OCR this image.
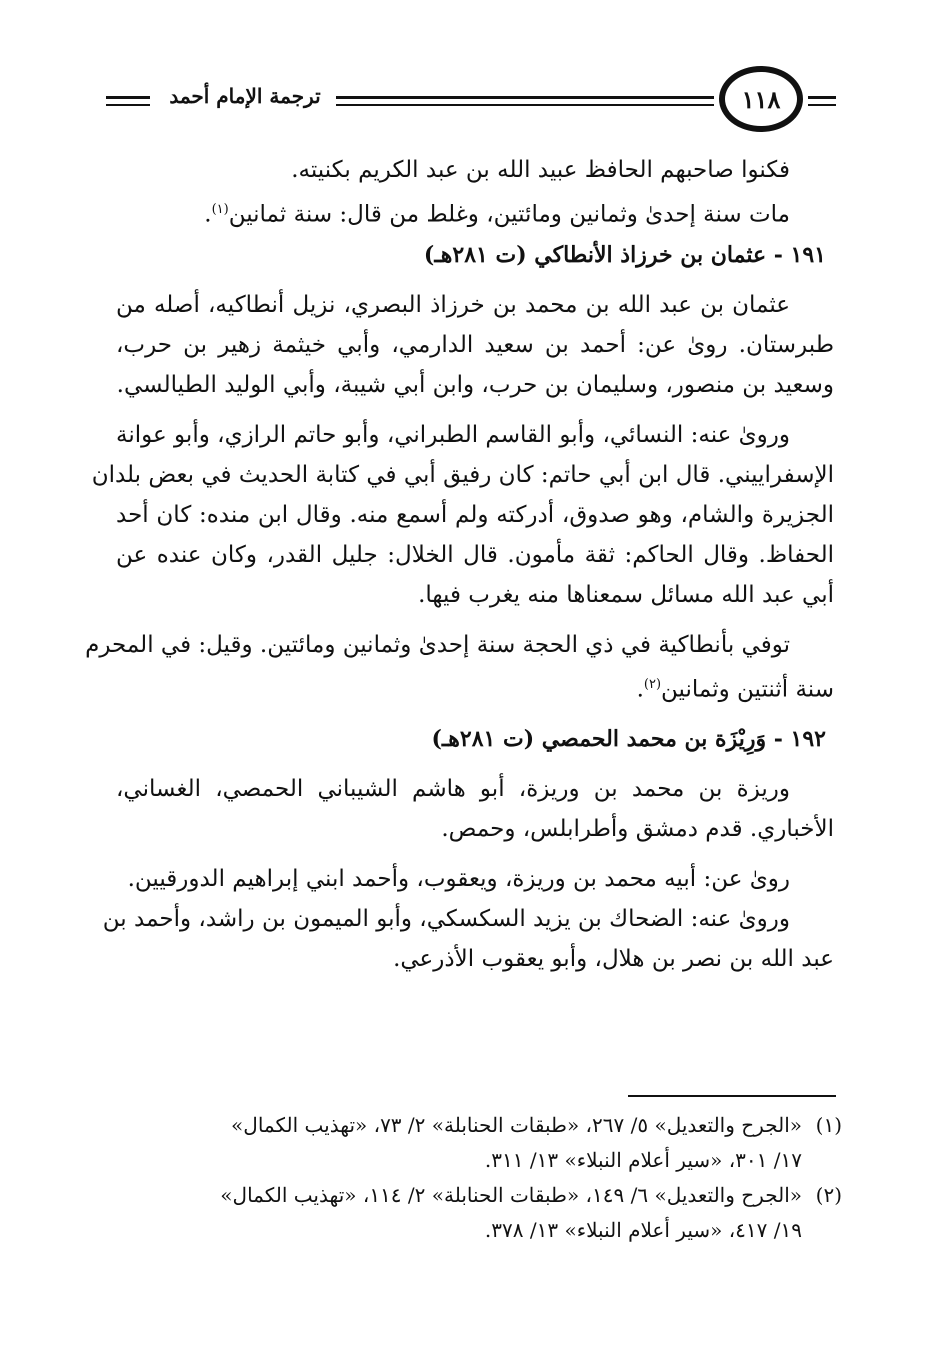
ترجمة الإمام أحمد	١١٨
فكنوا صاحبهم الحافظ عبيد الله بن عبد الكريم بكنيته.
مات سنة إحدىٰ وثمانين ومائتين، وغلط من قال: سنة ثمانين$^{(١)}$.
١٩١ - عثمان بن خرزاذ الأنطاكي (ت ٢٨١هـ)
عثمان بن عبد الله بن محمد بن خرزاذ البصري، نزيل أنطاكيه، أصله من
طبرستان. روىٰ عن: أحمد بن سعيد الدارمي، وأبي خيثمة زهير بن حرب،
وسعيد بن منصور، وسليمان بن حرب، وابن أبي شيبة، وأبي الوليد الطيالسي.
وروىٰ عنه: النسائي، وأبو القاسم الطبراني، وأبو حاتم الرازي، وأبو عوانة
الإسفراييني. قال ابن أبي حاتم: كان رفيق أبي في كتابة الحديث في بعض بلدان
الجزيرة والشام، وهو صدوق، أدركته ولم أسمع منه. وقال ابن منده: كان أحد
الحفاظ. وقال الحاكم: ثقة مأمون. قال الخلال: جليل القدر، وكان عنده عن
أبي عبد الله مسائل سمعناها منه يغرب فيها.
توفي بأنطاكية في ذي الحجة سنة إحدىٰ وثمانين ومائتين. وقيل: في المحرم
سنة أثنتين وثمانين$^{(٢)}$.
١٩٢ - وَرِيْزَة بن محمد الحمصي (ت ٢٨١هـ)
وريزة بن محمد بن وريزة، أبو هاشم الشيباني الحمصي، الغساني،
الأخباري. قدم دمشق وأطرابلس، وحمص.
روىٰ عن: أبيه محمد بن وريزة، ويعقوب، وأحمد ابني إبراهيم الدورقيين.
وروىٰ عنه: الضحاك بن يزيد السكسكي، وأبو الميمون بن راشد، وأحمد بن
عبد الله بن نصر بن هلال، وأبو يعقوب الأذرعي.
(١)«الجرح والتعديل» ٥/ ٢٦٧، «طبقات الحنابلة» ٢/ ٧٣، «تهذيب الكمال»
١٧/ ٣٠١، «سير أعلام النبلاء» ١٣/ ٣١١.
(٢)«الجرح والتعديل» ٦/ ١٤٩، «طبقات الحنابلة» ٢/ ١١٤، «تهذيب الكمال»
١٩/ ٤١٧، «سير أعلام النبلاء» ١٣/ ٣٧٨.
